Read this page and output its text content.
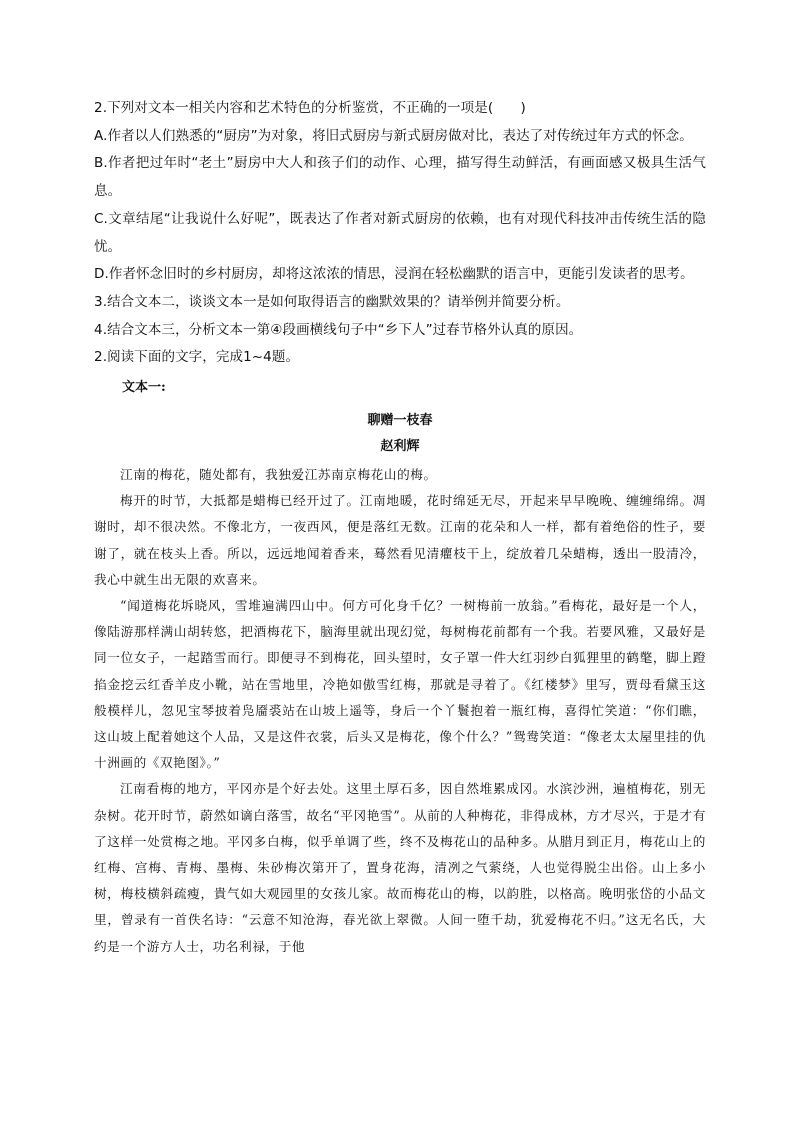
2.下列对文本一相关内容和艺术特色的分析鉴赏，不正确的一项是(　　)

A.作者以人们熟悉的“厨房”为对象，将旧式厨房与新式厨房做对比，表达了对传统过年方式的怀念。

B.作者把过年时“老土”厨房中大人和孩子们的动作、心理，描写得生动鲜活，有画面感又极具生活气息。

C.文章结尾“让我说什么好呢”，既表达了作者对新式厨房的依赖，也有对现代科技冲击传统生活的隐忧。

D.作者怀念旧时的乡村厨房，却将这浓浓的情思，浸润在轻松幽默的语言中，更能引发读者的思考。

3.结合文本二，谈谈文本一是如何取得语言的幽默效果的？请举例并简要分析。

4.结合文本三，分析文本一第④段画横线句子中“乡下人”过春节格外认真的原因。

2.阅读下面的文字，完成1~4题。

文本一:

聊赠一枝春

赵利辉

江南的梅花，随处都有，我独爱江苏南京梅花山的梅。

梅开的时节，大抵都是蜡梅已经开过了。江南地暖，花时绵延无尽，开起来早早晚晚、缠缠绵绵。凋谢时，却不很决然。不像北方，一夜西风，便是落红无数。江南的花朵和人一样，都有着绝俗的性子，要谢了，就在枝头上香。所以，远远地闻着香来，蓦然看见清癯枝干上，绽放着几朵蜡梅，透出一股清冷，我心中就生出无限的欢喜来。

“闻道梅花坼晓风，雪堆遍满四山中。何方可化身千亿？一树梅前一放翁。”看梅花，最好是一个人，像陆游那样满山胡转悠，把酒梅花下，脑海里就出现幻觉，每树梅花前都有一个我。若要风雅，又最好是同一位女子，一起踏雪而行。即便寻不到梅花，回头望时，女子罩一件大红羽纱白狐狸里的鹤氅，脚上蹬掐金挖云红香羊皮小靴，站在雪地里，冷艳如傲雪红梅，那就是寻着了。《红楼梦》里写，贾母看黛玉这般模样儿，忽见宝琴披着凫靥裘站在山坡上遥等，身后一个丫鬟抱着一瓶红梅，喜得忙笑道：“你们瞧，这山坡上配着她这个人品，又是这件衣裳，后头又是梅花，像个什么？”鸳鸯笑道：“像老太太屋里挂的仇十洲画的《双艳图》。”

江南看梅的地方，平冈亦是个好去处。这里土厚石多，因自然堆累成冈。水滨沙洲，遍植梅花，别无杂树。花开时节，蔚然如谪白落雪，故名“平冈艳雪”。从前的人种梅花，非得成林，方才尽兴，于是才有了这样一处赏梅之地。平冈多白梅，似乎单调了些，终不及梅花山的品种多。从腊月到正月，梅花山上的红梅、宫梅、青梅、墨梅、朱砂梅次第开了，置身花海，清冽之气萦绕，人也觉得脱尘出俗。山上多小树，梅枝横斜疏瘦，貴气如大观园里的女孩儿家。故而梅花山的梅，以韵胜，以格高。晚明张岱的小品文里，曾录有一首佚名诗：“云意不知沧海，春光欲上翠微。人间一堕千劫，犹爱梅花不归。”这无名氏，大约是一个游方人士，功名利禄，于他
